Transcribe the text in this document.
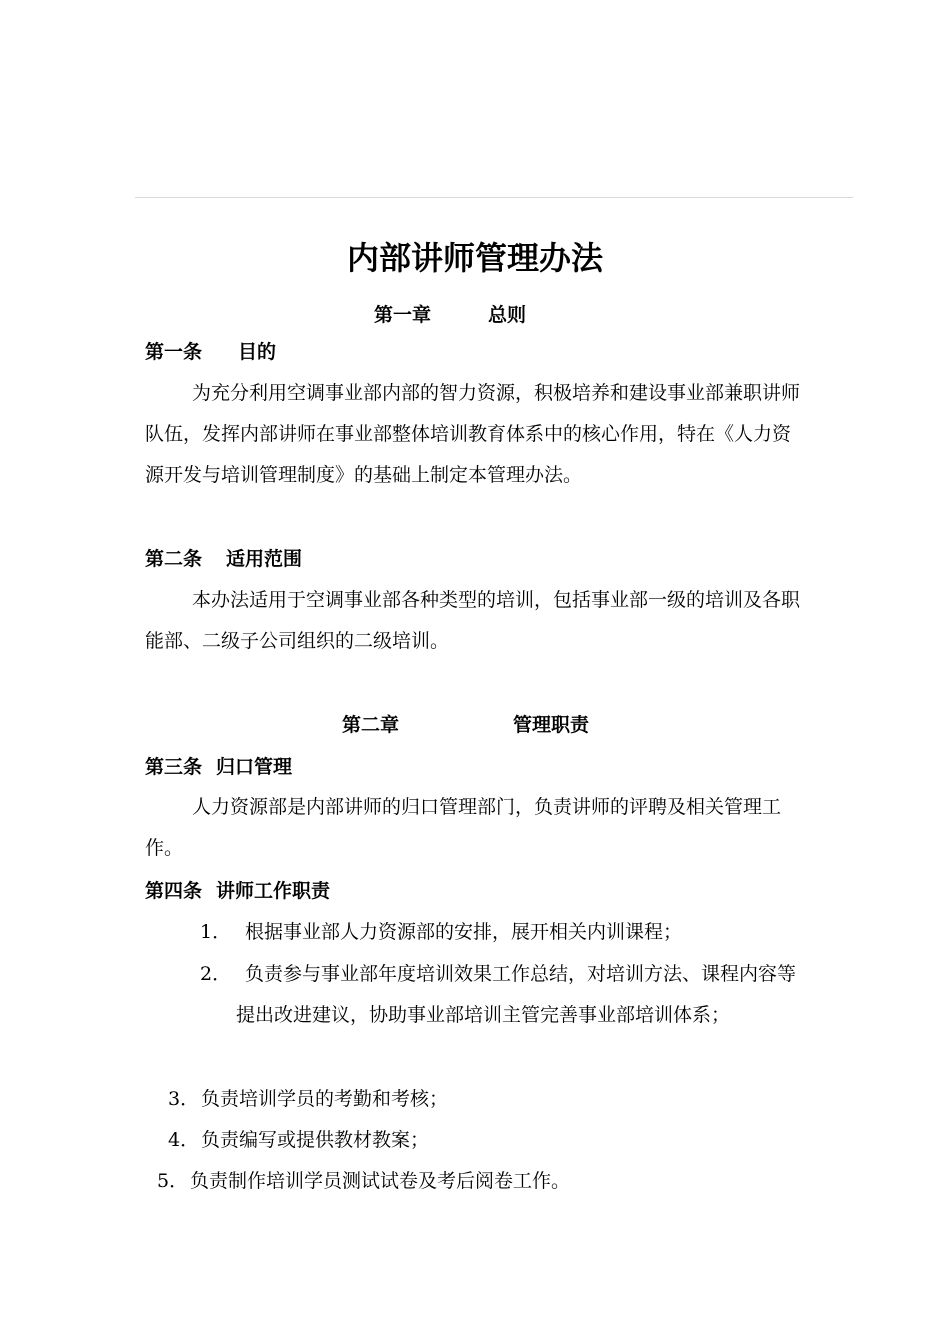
内部讲师管理办法
第一章	总则
第一条 目的

为充分利用空调事业部内部的智力资源，积极培养和建设事业部兼职讲师队伍，发挥内部讲师在事业部整体培训教育体系中的核心作用，特在《人力资源开发与培训管理制度》的基础上制定本管理办法。

第二条 适用范围

本办法适用于空调事业部各种类型的培训，包括事业部一级的培训及各职能部、二级子公司组织的二级培训。

第二章	管理职责
第三条 归口管理

人力资源部是内部讲师的归口管理部门，负责讲师的评聘及相关管理工作。

第四条 讲师工作职责

1． 根据事业部人力资源部的安排，展开相关内训课程；

2． 负责参与事业部年度培训效果工作总结，对培训方法、课程内容等提出改进建议，协助事业部培训主管完善事业部培训体系；

3． 负责培训学员的考勤和考核；

4． 负责编写或提供教材教案；

5． 负责制作培训学员测试试卷及考后阅卷工作。
